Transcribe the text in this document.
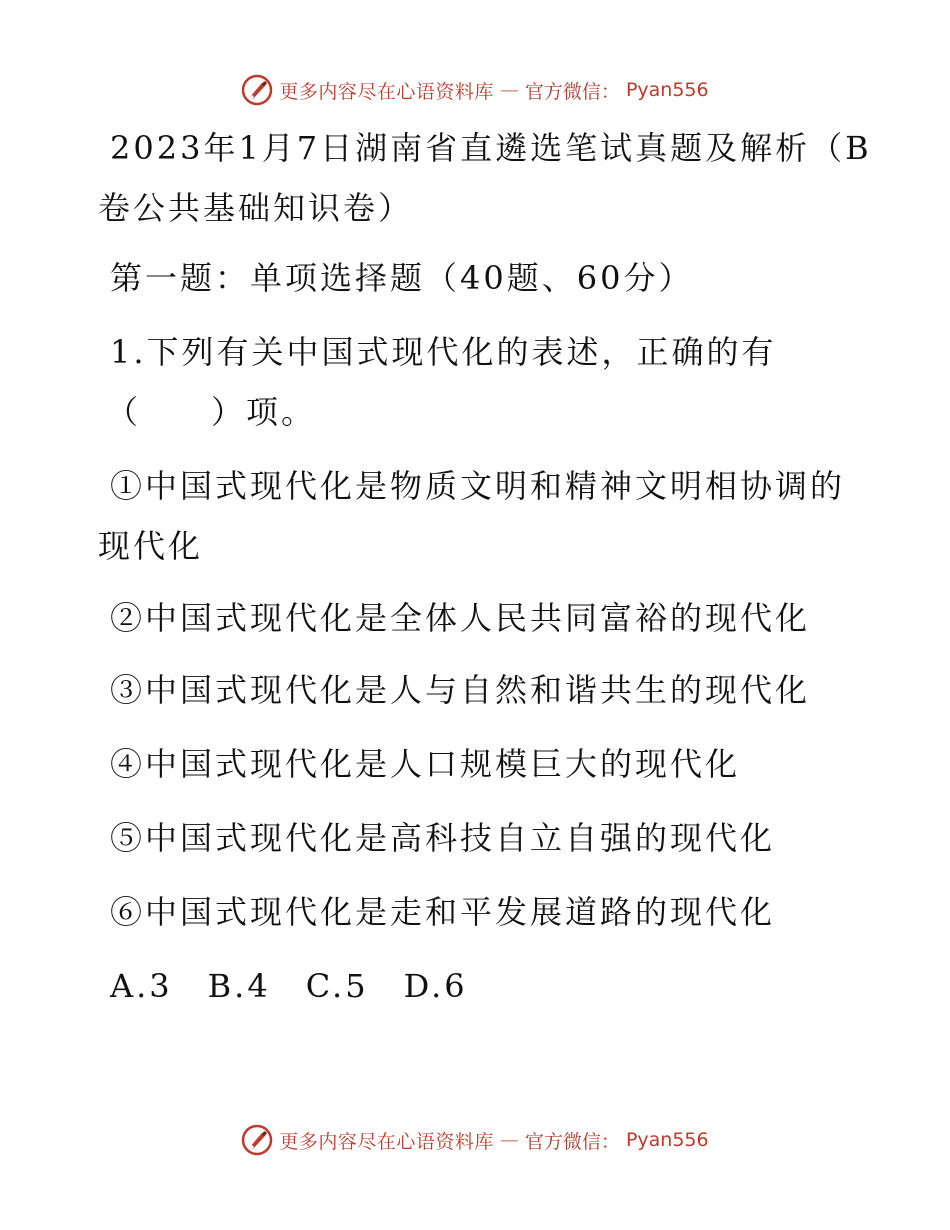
更多内容尽在心语资料库 — 官方微信： Pyan556
2023年1月7日湖南省直遴选笔试真题及解析（B
卷公共基础知识卷）
第一题：单项选择题（40题、60分）
1.下列有关中国式现代化的表述，正确的有
（　　）项。
①中国式现代化是物质文明和精神文明相协调的
现代化
②中国式现代化是全体人民共同富裕的现代化
③中国式现代化是人与自然和谐共生的现代化
④中国式现代化是人口规模巨大的现代化
⑤中国式现代化是高科技自立自强的现代化
⑥中国式现代化是走和平发展道路的现代化
A.3　B.4　C.5　D.6
更多内容尽在心语资料库 — 官方微信： Pyan556
